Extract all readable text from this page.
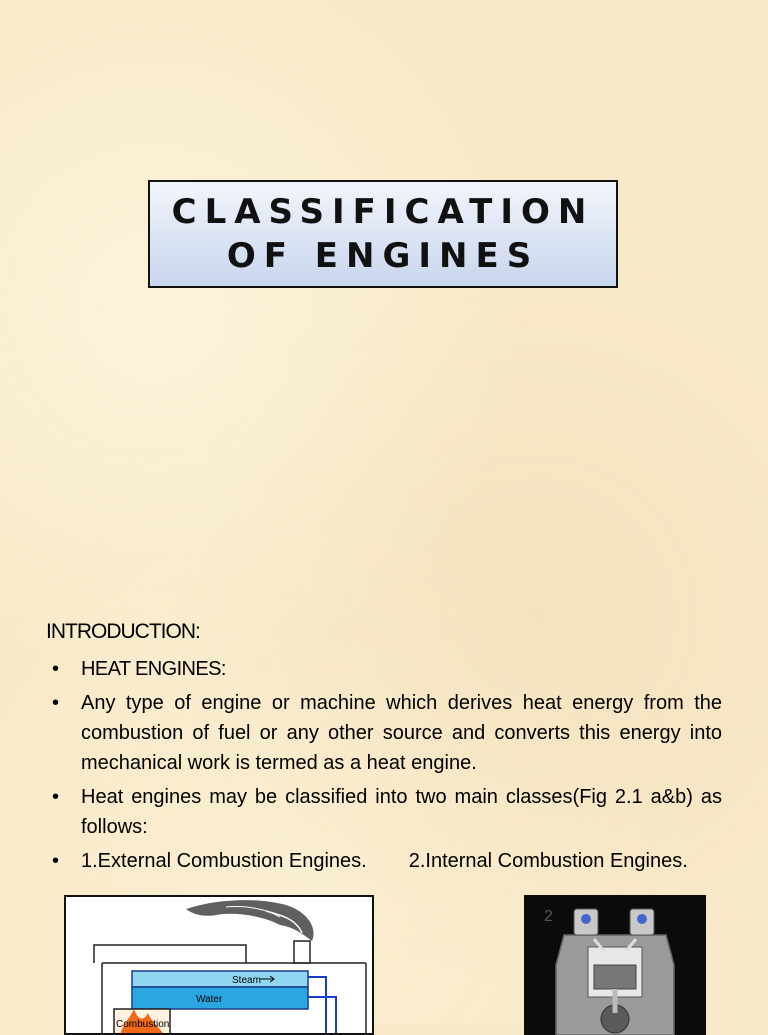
CLASSIFICATION
OF ENGINES
INTRODUCTION:
• HEAT ENGINES:
• Any type of engine or machine which derives heat energy from the combustion of fuel or any other source and converts this energy into mechanical work is termed as a heat engine.
• Heat engines may be classified into two main classes(Fig 2.1 a&b) as follows:
• 1.External Combustion Engines. 2.Internal Combustion Engines.
Steam
Water
Combustion
2
